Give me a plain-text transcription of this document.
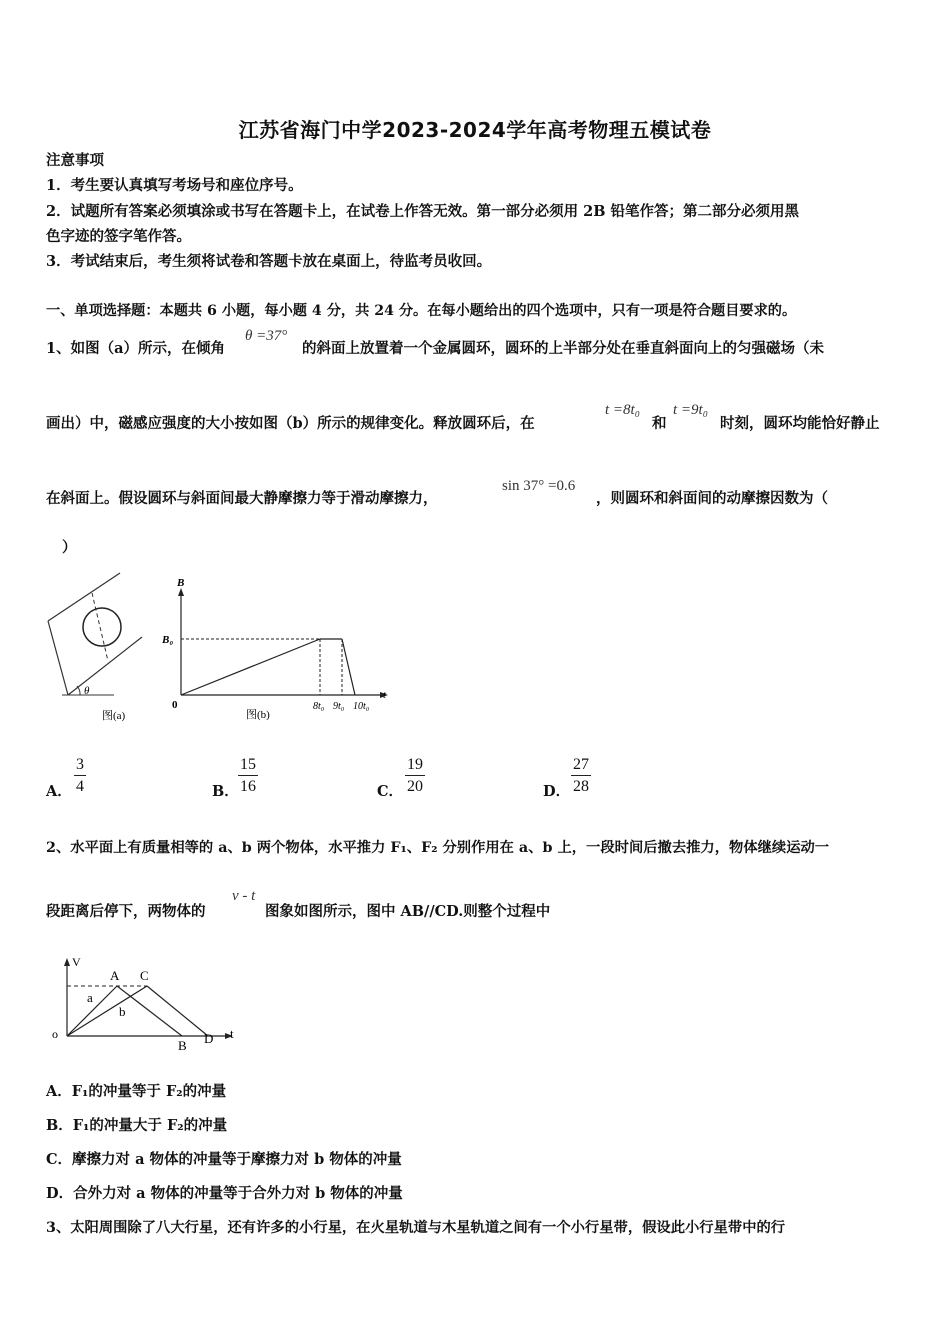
江苏省海门中学2023-2024学年高考物理五模试卷
注意事项
1．考生要认真填写考场号和座位序号。
2．试题所有答案必须填涂或书写在答题卡上，在试卷上作答无效。第一部分必须用 2B 铅笔作答；第二部分必须用黑
色字迹的签字笔作答。
3．考试结束后，考生须将试卷和答题卡放在桌面上，待监考员收回。
一、单项选择题：本题共 6 小题，每小题 4 分，共 24 分。在每小题给出的四个选项中，只有一项是符合题目要求的。
1、如图（a）所示，在倾角
θ =37°
的斜面上放置着一个金属圆环，圆环的上半部分处在垂直斜面向上的匀强磁场（未
画出）中，磁感应强度的大小按如图（b）所示的规律变化。释放圆环后，在
t =8t₀
和
t =9t₀
时刻，圆环均能恰好静止
在斜面上。假设圆环与斜面间最大静摩擦力等于滑动摩擦力，
sin 37° =0.6
，则圆环和斜面间的动摩擦因数为（
）
θ
图(a)
B
B₀
0
t
8t₀ 9t₀ 10t₀
图(b)
A． $\frac{3}{4}$	B． $\frac{15}{16}$	C． $\frac{19}{20}$	D． $\frac{27}{28}$
2、水平面上有质量相等的 a、b 两个物体，水平推力 F₁、F₂ 分别作用在 a、b 上，一段时间后撤去推力，物体继续运动一
段距离后停下，两物体的
v - t
图象如图所示，图中 AB//CD.则整个过程中
V
o	t
A C
a
b
B D
A．F₁的冲量等于 F₂的冲量
B．F₁的冲量大于 F₂的冲量
C．摩擦力对 a 物体的冲量等于摩擦力对 b 物体的冲量
D．合外力对 a 物体的冲量等于合外力对 b 物体的冲量
3、太阳周围除了八大行星，还有许多的小行星，在火星轨道与木星轨道之间有一个小行星带，假设此小行星带中的行
